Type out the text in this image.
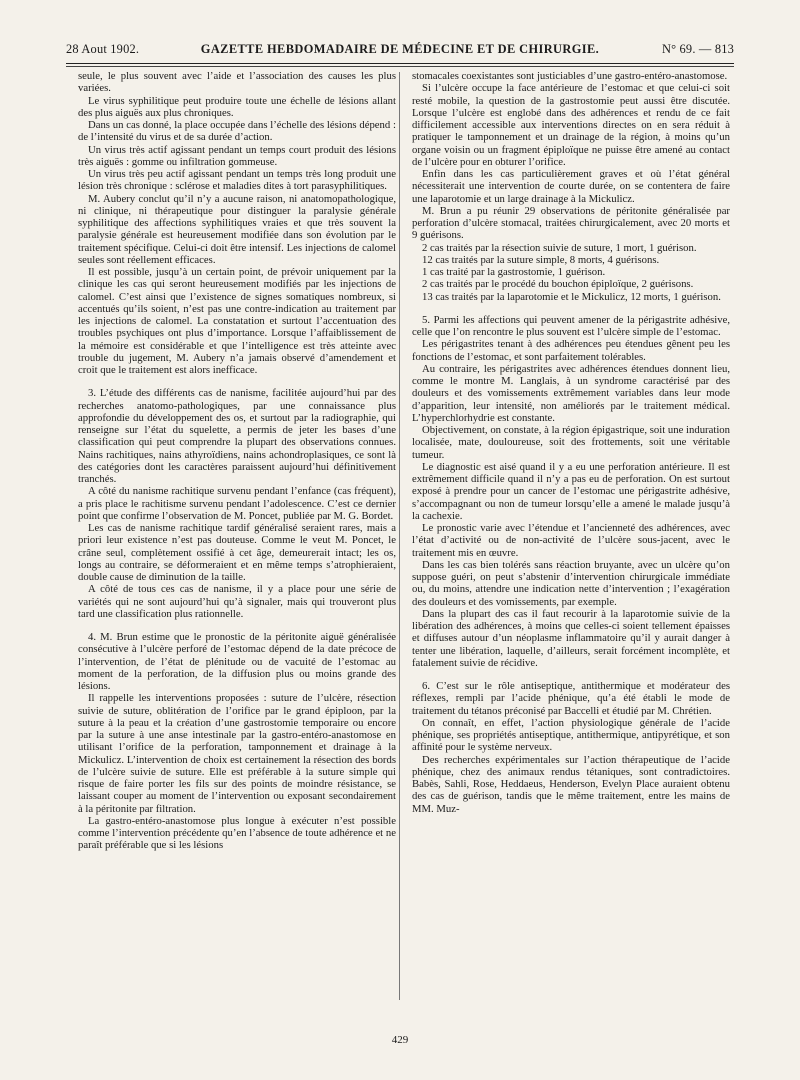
28 Aout 1902.	GAZETTE HEBDOMADAIRE DE MÉDECINE ET DE CHIRURGIE.	N° 69. — 813

seule, le plus souvent avec l’aide et l’association des causes les plus variées.

Le virus syphilitique peut produire toute une échelle de lésions allant des plus aiguës aux plus chroniques.

Dans un cas donné, la place occupée dans l’échelle des lésions dépend : de l’intensité du virus et de sa durée d’action.

Un virus très actif agissant pendant un temps court produit des lésions très aiguës : gomme ou infiltration gommeuse.

Un virus très peu actif agissant pendant un temps très long produit une lésion très chronique : sclérose et maladies dites à tort parasyphilitiques.

M. Aubery conclut qu’il n’y a aucune raison, ni anatomopathologique, ni clinique, ni thérapeutique pour distinguer la paralysie générale syphilitique des affections syphilitiques vraies et que très souvent la paralysie générale est heureusement modifiée dans son évolution par le traitement spécifique. Celui-ci doit être intensif. Les injections de calomel seules sont réellement efficaces.

Il est possible, jusqu’à un certain point, de prévoir uniquement par la clinique les cas qui seront heureusement modifiés par les injections de calomel. C’est ainsi que l’existence de signes somatiques nombreux, si accentués qu’ils soient, n’est pas une contre-indication au traitement par les injections de calomel. La constatation et surtout l’accentuation des troubles psychiques ont plus d’importance. Lorsque l’affaiblissement de la mémoire est considérable et que l’intelligence est très atteinte avec trouble du jugement, M. Aubery n’a jamais observé d’amendement et croit que le traitement est alors inefficace.

3. L’étude des différents cas de nanisme, facilitée aujourd’hui par des recherches anatomo-pathologiques, par une connaissance plus approfondie du développement des os, et surtout par la radiographie, qui renseigne sur l’état du squelette, a permis de jeter les bases d’une classification qui peut comprendre la plupart des observations connues. Nains rachitiques, nains athyroïdiens, nains achondroplasiques, ce sont là des catégories dont les caractères paraissent aujourd’hui définitivement tranchés.

A côté du nanisme rachitique survenu pendant l’enfance (cas fréquent), a pris place le rachitisme survenu pendant l’adolescence. C’est ce dernier point que confirme l’observation de M. Poncet, publiée par M. G. Bordet.

Les cas de nanisme rachitique tardif généralisé seraient rares, mais a priori leur existence n’est pas douteuse. Comme le veut M. Poncet, le crâne seul, complètement ossifié à cet âge, demeurerait intact; les os, longs au contraire, se déformeraient et en même temps s’atrophieraient, double cause de diminution de la taille.

A côté de tous ces cas de nanisme, il y a place pour une série de variétés qui ne sont aujourd’hui qu’à signaler, mais qui trouveront plus tard une classification plus rationnelle.

4. M. Brun estime que le pronostic de la péritonite aiguë généralisée consécutive à l’ulcère perforé de l’estomac dépend de la date précoce de l’intervention, de l’état de plénitude ou de vacuité de l’estomac au moment de la perforation, de la diffusion plus ou moins grande des lésions.

Il rappelle les interventions proposées : suture de l’ulcère, résection suivie de suture, oblitération de l’orifice par le grand épiploon, par la suture à la peau et la création d’une gastrostomie temporaire ou encore par la suture à une anse intestinale par la gastro-entéro-anastomose en utilisant l’orifice de la perforation, tamponnement et drainage à la Mickulicz. L’intervention de choix est certainement la résection des bords de l’ulcère suivie de suture. Elle est préférable à la suture simple qui risque de faire porter les fils sur des points de moindre résistance, se laissant couper au moment de l’intervention ou exposant secondairement à la péritonite par filtration.

La gastro-entéro-anastomose plus longue à exécuter n’est possible comme l’intervention précédente qu’en l’absence de toute adhérence et ne paraît préférable que si les lésions

stomacales coexistantes sont justiciables d’une gastro-entéro-anastomose.

Si l’ulcère occupe la face antérieure de l’estomac et que celui-ci soit resté mobile, la question de la gastrostomie peut aussi être discutée. Lorsque l’ulcère est englobé dans des adhérences et rendu de ce fait difficilement accessible aux interventions directes on en sera réduit à pratiquer le tamponnement et un drainage de la région, à moins qu’un organe voisin ou un fragment épiploïque ne puisse être amené au contact de l’ulcère pour en obturer l’orifice.

Enfin dans les cas particulièrement graves et où l’état général nécessiterait une intervention de courte durée, on se contentera de faire une laparotomie et un large drainage à la Mickulicz.

M. Brun a pu réunir 29 observations de péritonite généralisée par perforation d’ulcère stomacal, traitées chirurgicalement, avec 20 morts et 9 guérisons.

2 cas traités par la résection suivie de suture, 1 mort, 1 guérison.

12 cas traités par la suture simple, 8 morts, 4 guérisons.

1 cas traité par la gastrostomie, 1 guérison.

2 cas traités par le procédé du bouchon épiploïque, 2 guérisons.

13 cas traités par la laparotomie et le Mickulicz, 12 morts, 1 guérison.

5. Parmi les affections qui peuvent amener de la périgastrite adhésive, celle que l’on rencontre le plus souvent est l’ulcère simple de l’estomac.

Les périgastrites tenant à des adhérences peu étendues gênent peu les fonctions de l’estomac, et sont parfaitement tolérables.

Au contraire, les périgastrites avec adhérences étendues donnent lieu, comme le montre M. Langlais, à un syndrome caractérisé par des douleurs et des vomissements extrêmement variables dans leur mode d’apparition, leur intensité, non améliorés par le traitement médical. L’hyperchlorhydrie est constante.

Objectivement, on constate, à la région épigastrique, soit une induration localisée, mate, douloureuse, soit des frottements, soit une véritable tumeur.

Le diagnostic est aisé quand il y a eu une perforation antérieure. Il est extrêmement difficile quand il n’y a pas eu de perforation. On est surtout exposé à prendre pour un cancer de l’estomac une périgastrite adhésive, s’accompagnant ou non de tumeur lorsqu’elle a amené le malade jusqu’à la cachexie.

Le pronostic varie avec l’étendue et l’ancienneté des adhérences, avec l’état d’activité ou de non-activité de l’ulcère sous-jacent, avec le traitement mis en œuvre.

Dans les cas bien tolérés sans réaction bruyante, avec un ulcère qu’on suppose guéri, on peut s’abstenir d’intervention chirurgicale immédiate ou, du moins, attendre une indication nette d’intervention ; l’exagération des douleurs et des vomissements, par exemple.

Dans la plupart des cas il faut recourir à la laparotomie suivie de la libération des adhérences, à moins que celles-ci soient tellement épaisses et diffuses autour d’un néoplasme inflammatoire qu’il y aurait danger à tenter une libération, laquelle, d’ailleurs, serait forcément incomplète, et fatalement suivie de récidive.

6. C’est sur le rôle antiseptique, antithermique et modérateur des réflexes, rempli par l’acide phénique, qu’a été établi le mode de traitement du tétanos préconisé par Baccelli et étudié par M. Chrétien.

On connaît, en effet, l’action physiologique générale de l’acide phénique, ses propriétés antiseptique, antithermique, antipyrétique, et son affinité pour le système nerveux.

Des recherches expérimentales sur l’action thérapeutique de l’acide phénique, chez des animaux rendus tétaniques, sont contradictoires. Babès, Sahli, Rose, Heddaeus, Henderson, Evelyn Place auraient obtenu des cas de guérison, tandis que le même traitement, entre les mains de MM. Muz-

429
